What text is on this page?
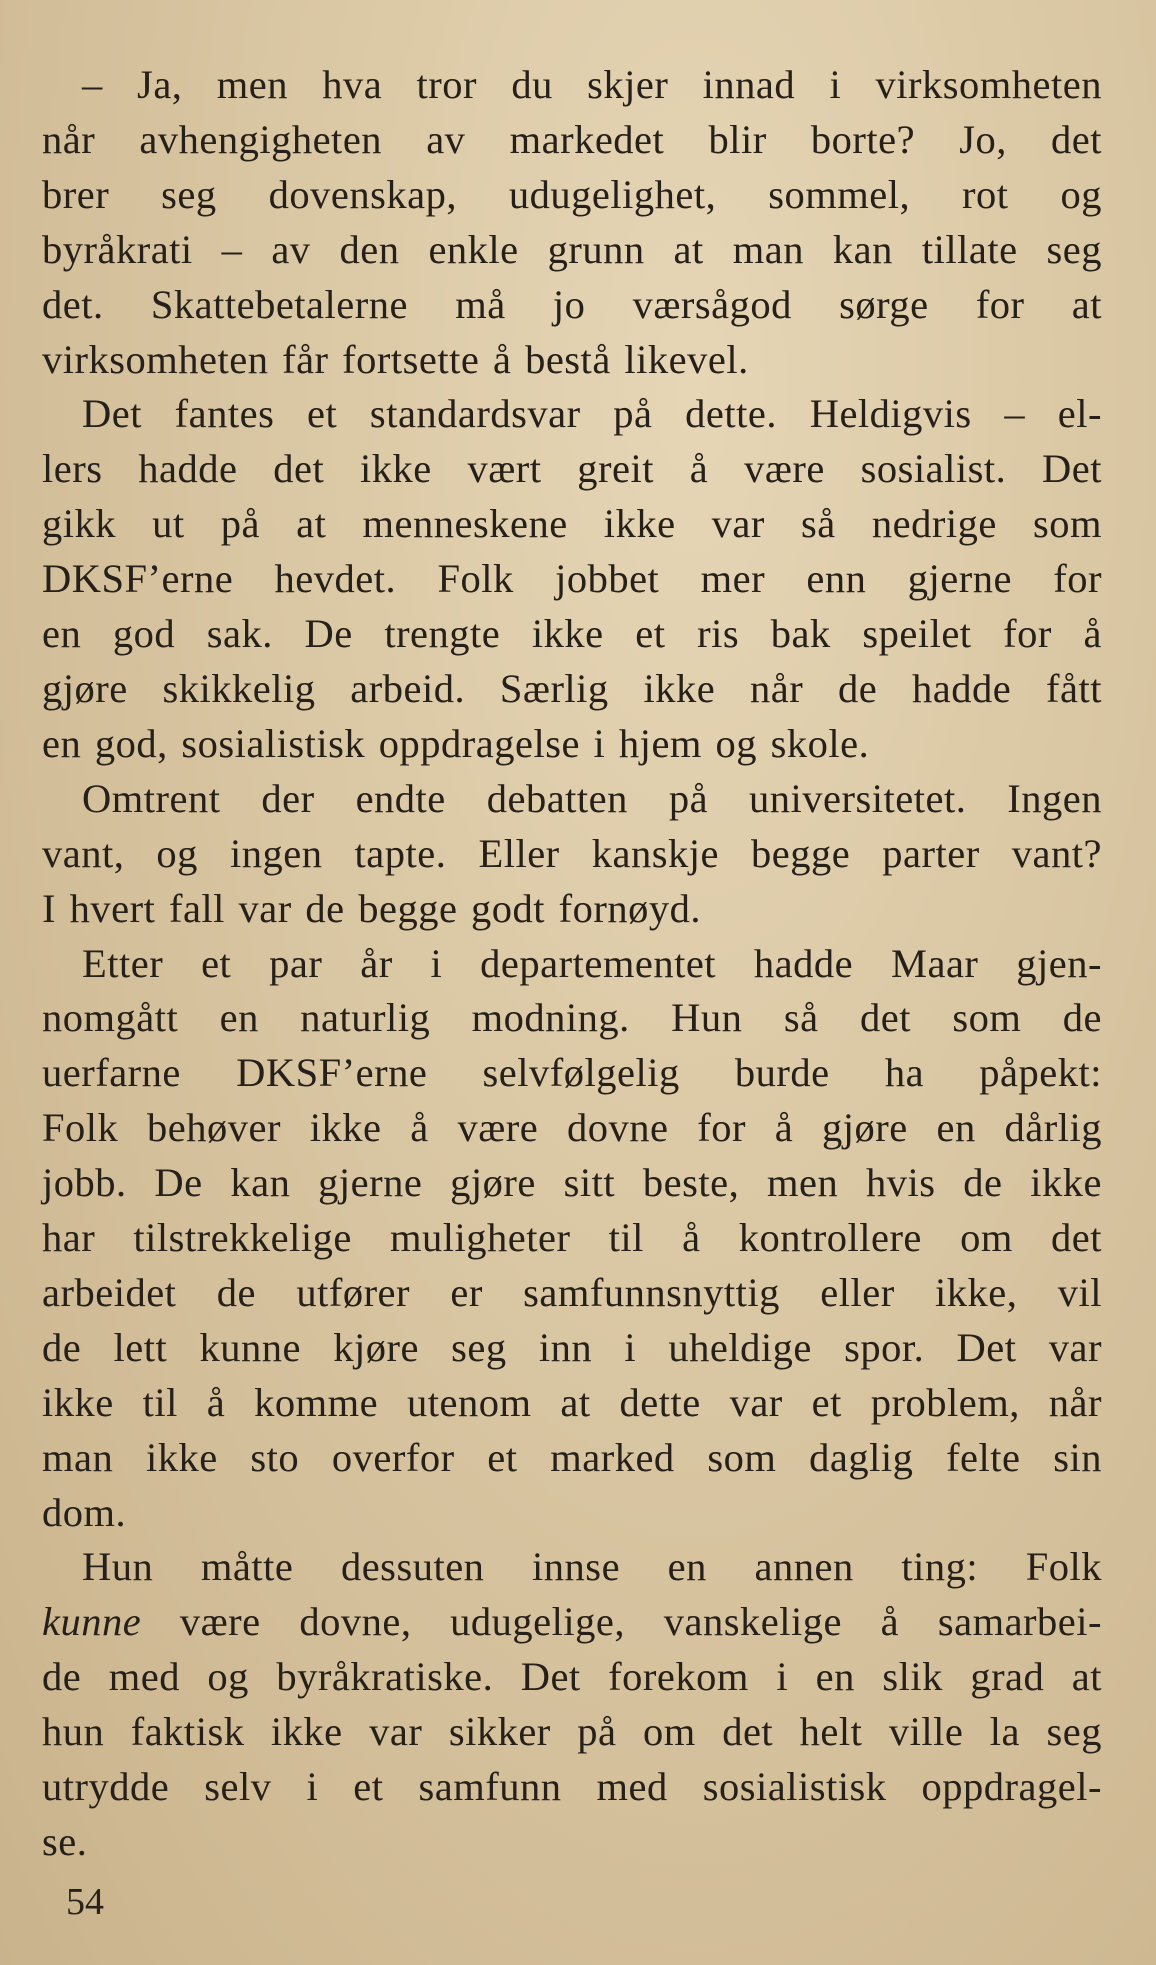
– Ja, men hva tror du skjer innad i virksomheten
når avhengigheten av markedet blir borte? Jo, det
brer seg dovenskap, udugelighet, sommel, rot og
byråkrati – av den enkle grunn at man kan tillate seg
det. Skattebetalerne må jo værsågod sørge for at
virksomheten får fortsette å bestå likevel.

Det fantes et standardsvar på dette. Heldigvis – el-
lers hadde det ikke vært greit å være sosialist. Det
gikk ut på at menneskene ikke var så nedrige som
DKSF’erne hevdet. Folk jobbet mer enn gjerne for
en god sak. De trengte ikke et ris bak speilet for å
gjøre skikkelig arbeid. Særlig ikke når de hadde fått
en god, sosialistisk oppdragelse i hjem og skole.

Omtrent der endte debatten på universitetet. Ingen
vant, og ingen tapte. Eller kanskje begge parter vant?
I hvert fall var de begge godt fornøyd.

Etter et par år i departementet hadde Maar gjen-
nomgått en naturlig modning. Hun så det som de
uerfarne DKSF’erne selvfølgelig burde ha påpekt:
Folk behøver ikke å være dovne for å gjøre en dårlig
jobb. De kan gjerne gjøre sitt beste, men hvis de ikke
har tilstrekkelige muligheter til å kontrollere om det
arbeidet de utfører er samfunnsnyttig eller ikke, vil
de lett kunne kjøre seg inn i uheldige spor. Det var
ikke til å komme utenom at dette var et problem, når
man ikke sto overfor et marked som daglig felte sin
dom.

Hun måtte dessuten innse en annen ting: Folk
kunne være dovne, udugelige, vanskelige å samarbei-
de med og byråkratiske. Det forekom i en slik grad at
hun faktisk ikke var sikker på om det helt ville la seg
utrydde selv i et samfunn med sosialistisk oppdragel-
se.

54
